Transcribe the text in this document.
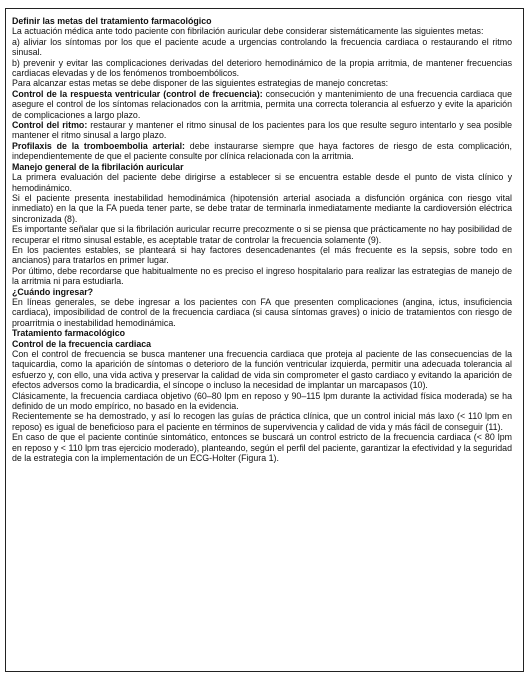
Definir las metas del tratamiento farmacológico

La actuación médica ante todo paciente con fibrilación auricular debe considerar sistemáticamente las siguientes metas:

a) aliviar los síntomas por los que el paciente acude a urgencias controlando la frecuencia cardiaca o restaurando el ritmo sinusal.

b) prevenir y evitar las complicaciones derivadas del deterioro hemodinámico de la propia arritmia, de mantener frecuencias cardiacas elevadas y de los fenómenos tromboembólicos.

Para alcanzar estas metas se debe disponer de las siguientes estrategias de manejo concretas:

Control de la respuesta ventricular (control de frecuencia): consecución y mantenimiento de una frecuencia cardiaca que asegure el control de los síntomas relacionados con la arritmia, permita una correcta tolerancia al esfuerzo y evite la aparición de complicaciones a largo plazo.

Control del ritmo: restaurar y mantener el ritmo sinusal de los pacientes para los que resulte seguro intentarlo y sea posible mantener el ritmo sinusal a largo plazo.

Profilaxis de la tromboembolia arterial: debe instaurarse siempre que haya factores de riesgo de esta complicación, independientemente de que el paciente consulte por clínica relacionada con la arritmia.

Manejo general de la fibrilación auricular

La primera evaluación del paciente debe dirigirse a establecer si se encuentra estable desde el punto de vista clínico y hemodinámico.

Si el paciente presenta inestabilidad hemodinámica (hipotensión arterial asociada a disfunción orgánica con riesgo vital inmediato) en la que la FA pueda tener parte, se debe tratar de terminarla inmediatamente mediante la cardioversión eléctrica sincronizada (8).

Es importante señalar que si la fibrilación auricular recurre precozmente o si se piensa que prácticamente no hay posibilidad de recuperar el ritmo sinusal estable, es aceptable tratar de controlar la frecuencia solamente (9).

En los pacientes estables, se planteará si hay factores desencadenantes (el más frecuente es la sepsis, sobre todo en ancianos) para tratarlos en primer lugar.

Por último, debe recordarse que habitualmente no es preciso el ingreso hospitalario para realizar las estrategias de manejo de la arritmia ni para estudiarla.

¿Cuándo ingresar?

En líneas generales, se debe ingresar a los pacientes con FA que presenten complicaciones (angina, ictus, insuficiencia cardiaca), imposibilidad de control de la frecuencia cardiaca (si causa síntomas graves) o inicio de tratamientos con riesgo de proarritmia o inestabilidad hemodinámica.

Tratamiento farmacológico

Control de la frecuencia cardiaca

Con el control de frecuencia se busca mantener una frecuencia cardiaca que proteja al paciente de las consecuencias de la taquicardia, como la aparición de síntomas o deterioro de la función ventricular izquierda, permitir una adecuada tolerancia al esfuerzo y, con ello, una vida activa y preservar la calidad de vida sin comprometer el gasto cardiaco y evitando la aparición de efectos adversos como la bradicardia, el síncope o incluso la necesidad de implantar un marcapasos (10).

Clásicamente, la frecuencia cardiaca objetivo (60–80 lpm en reposo y 90–115 lpm durante la actividad física moderada) se ha definido de un modo empírico, no basado en la evidencia.

Recientemente se ha demostrado, y así lo recogen las guías de práctica clínica, que un control inicial más laxo (< 110 lpm en reposo) es igual de beneficioso para el paciente en términos de supervivencia y calidad de vida y más fácil de conseguir (11).

En caso de que el paciente continúe sintomático, entonces se buscará un control estricto de la frecuencia cardiaca (< 80 lpm en reposo y < 110 lpm tras ejercicio moderado), planteando, según el perfil del paciente, garantizar la efectividad y la seguridad de la estrategia con la implementación de un ECG-Holter (Figura 1).
